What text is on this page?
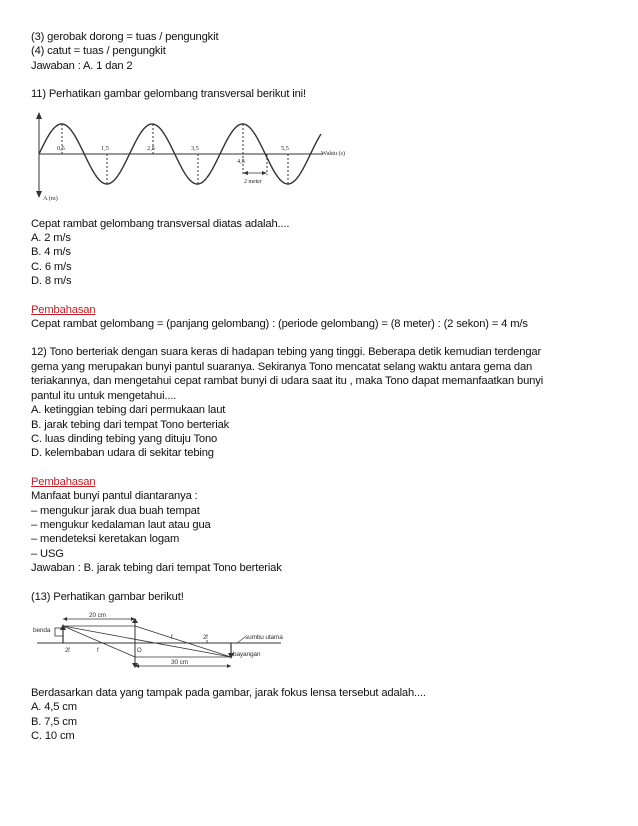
(3) gerobak dorong = tuas / pengungkit
(4) catut = tuas / pengungkit
Jawaban : A. 1 dan 2
11) Perhatikan gambar gelombang transversal berikut ini!
0,5	1,5	2,5	3,5
4,5
5,5
Waktu (s)
A (m)
2 meter
Cepat rambat gelombang transversal diatas adalah....
A. 2 m/s
B. 4 m/s
C. 6 m/s
D. 8 m/s
Pembahasan
Cepat rambat gelombang = (panjang gelombang) : (periode gelombang) = (8 meter) : (2 sekon) = 4 m/s
12) Tono berteriak dengan suara keras di hadapan tebing yang tinggi. Beberapa detik kemudian terdengar
gema yang merupakan bunyi pantul suaranya. Sekiranya Tono mencatat selang waktu antara gema dan
teriakannya, dan mengetahui cepat rambat bunyi di udara saat itu , maka Tono dapat memanfaatkan bunyi
pantul itu untuk mengetahui....
A. ketinggian tebing dari permukaan laut
B. jarak tebing dari tempat Tono berteriak
C. luas dinding tebing yang dituju Tono
D. kelembaban udara di sekitar tebing
Pembahasan
Manfaat bunyi pantul diantaranya :
– mengukur jarak dua buah tempat
– mengukur kedalaman laut atau gua
– mendeteksi keretakan logam
– USG
Jawaban : B. jarak tebing dari tempat Tono berteriak
(13) Perhatikan gambar berikut!
20 cm
benda
2f	f	O
f	2f	sumbu utama
bayangan
30 cm
Berdasarkan data yang tampak pada gambar, jarak fokus lensa tersebut adalah....
A. 4,5 cm
B. 7,5 cm
C. 10 cm
